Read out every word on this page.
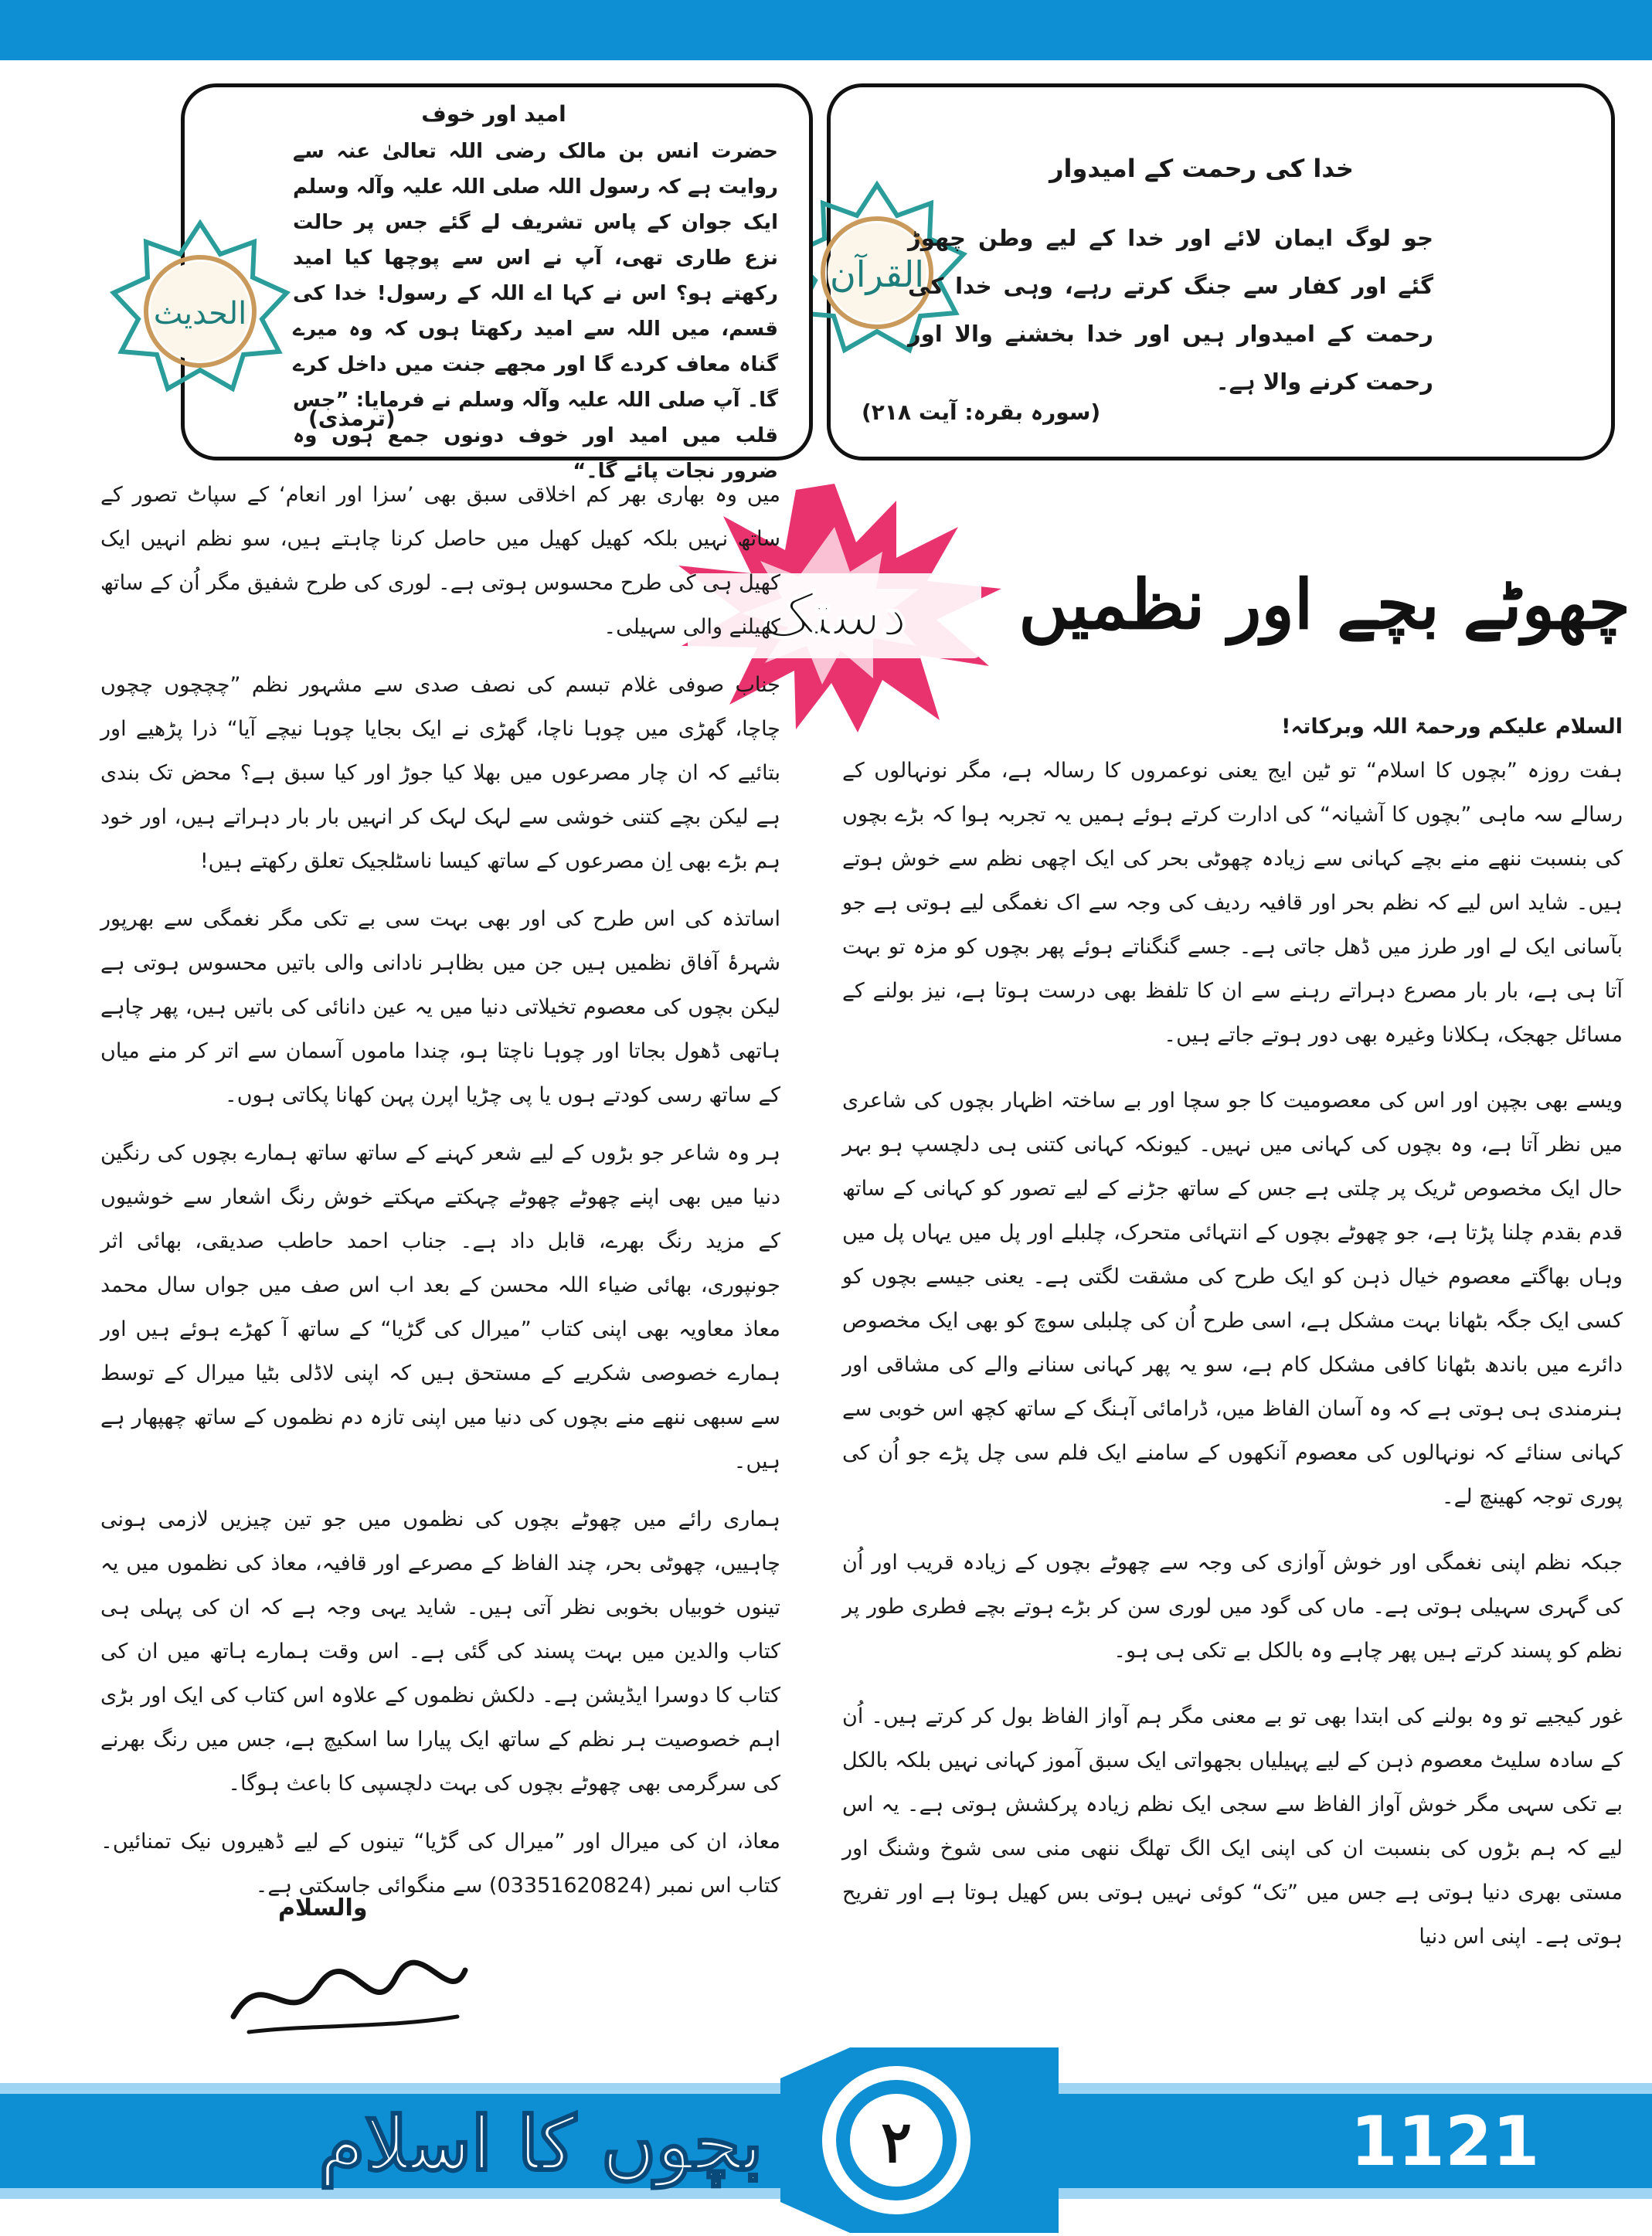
القرآن
خدا کی رحمت کے امیدوار

جو لوگ ایمان لائے اور خدا کے لیے وطن چھوڑ گئے اور کفار سے جنگ کرتے رہے، وہی خدا کی رحمت کے امیدوار ہیں اور خدا بخشنے والا اور رحمت کرنے والا ہے۔

(سورہ بقرہ: آیت ۲۱۸)
الحدیث
امید اور خوف

حضرت انس بن مالک رضی اللہ تعالیٰ عنہ سے روایت ہے کہ رسول اللہ صلی اللہ علیہ وآلہ وسلم ایک جوان کے پاس تشریف لے گئے جس پر حالت نزع طاری تھی، آپ نے اس سے پوچھا کیا امید رکھتے ہو؟ اس نے کہا اے اللہ کے رسول! خدا کی قسم، میں اللہ سے امید رکھتا ہوں کہ وہ میرے گناہ معاف کردے گا اور مجھے جنت میں داخل کرے گا۔ آپ صلی اللہ علیہ وآلہ وسلم نے فرمایا: ”جس قلب میں امید اور خوف دونوں جمع ہوں وہ ضرور نجات پائے گا۔“

(ترمذی)
چھوٹے بچے اور نظمیں
دستک

السلام علیکم ورحمۃ اللہ وبرکاتہ!

ہفت روزہ ”بچوں کا اسلام“ تو ٹین ایج یعنی نوعمروں کا رسالہ ہے، مگر نونہالوں کے رسالے سہ ماہی ”بچوں کا آشیانہ“ کی ادارت کرتے ہوئے ہمیں یہ تجربہ ہوا کہ بڑے بچوں کی بنسبت ننھے منے بچے کہانی سے زیادہ چھوٹی بحر کی ایک اچھی نظم سے خوش ہوتے ہیں۔ شاید اس لیے کہ نظم بحر اور قافیہ ردیف کی وجہ سے اک نغمگی لیے ہوتی ہے جو بآسانی ایک لے اور طرز میں ڈھل جاتی ہے۔ جسے گنگناتے ہوئے پھر بچوں کو مزہ تو بہت آتا ہی ہے، بار بار مصرع دہراتے رہنے سے ان کا تلفظ بھی درست ہوتا ہے، نیز بولنے کے مسائل جھجک، ہکلانا وغیرہ بھی دور ہوتے جاتے ہیں۔

ویسے بھی بچپن اور اس کی معصومیت کا جو سچا اور بے ساختہ اظہار بچوں کی شاعری میں نظر آتا ہے، وہ بچوں کی کہانی میں نہیں۔ کیونکہ کہانی کتنی ہی دلچسپ ہو بہر حال ایک مخصوص ٹریک پر چلتی ہے جس کے ساتھ جڑنے کے لیے تصور کو کہانی کے ساتھ قدم بقدم چلنا پڑتا ہے، جو چھوٹے بچوں کے انتہائی متحرک، چلبلے اور پل میں یہاں پل میں وہاں بھاگتے معصوم خیال ذہن کو ایک طرح کی مشقت لگتی ہے۔ یعنی جیسے بچوں کو کسی ایک جگہ بٹھانا بہت مشکل ہے، اسی طرح اُن کی چلبلی سوچ کو بھی ایک مخصوص دائرے میں باندھ بٹھانا کافی مشکل کام ہے، سو یہ پھر کہانی سنانے والے کی مشاقی اور ہنرمندی ہی ہوتی ہے کہ وہ آسان الفاظ میں، ڈرامائی آہنگ کے ساتھ کچھ اس خوبی سے کہانی سنائے کہ نونہالوں کی معصوم آنکھوں کے سامنے ایک فلم سی چل پڑے جو اُن کی پوری توجہ کھینچ لے۔

جبکہ نظم اپنی نغمگی اور خوش آوازی کی وجہ سے چھوٹے بچوں کے زیادہ قریب اور اُن کی گہری سہیلی ہوتی ہے۔ ماں کی گود میں لوری سن کر بڑے ہوتے بچے فطری طور پر نظم کو پسند کرتے ہیں پھر چاہے وہ بالکل بے تکی ہی ہو۔

غور کیجیے تو وہ بولنے کی ابتدا بھی تو بے معنی مگر ہم آواز الفاظ بول کر کرتے ہیں۔ اُن کے سادہ سلیٹ معصوم ذہن کے لیے پہیلیاں بجھواتی ایک سبق آموز کہانی نہیں بلکہ بالکل بے تکی سہی مگر خوش آواز الفاظ سے سجی ایک نظم زیادہ پرکشش ہوتی ہے۔ یہ اس لیے کہ ہم بڑوں کی بنسبت ان کی اپنی ایک الگ تھلگ ننھی منی سی شوخ وشنگ اور مستی بھری دنیا ہوتی ہے جس میں ”تک“ کوئی نہیں ہوتی بس کھیل ہوتا ہے اور تفریح ہوتی ہے۔ اپنی اس دنیا

میں وہ بھاری بھر کم اخلاقی سبق بھی ’سزا اور انعام‘ کے سپاٹ تصور کے ساتھ نہیں بلکہ کھیل کھیل میں حاصل کرنا چاہتے ہیں، سو نظم انہیں ایک کھیل ہی کی طرح محسوس ہوتی ہے۔ لوری کی طرح شفیق مگر اُن کے ساتھ کھیلنے والی سہیلی۔

جناب صوفی غلام تبسم کی نصف صدی سے مشہور نظم ”چچچوں چچوں چاچا، گھڑی میں چوہا ناچا، گھڑی نے ایک بجایا چوہا نیچے آیا“ ذرا پڑھیے اور بتائیے کہ ان چار مصرعوں میں بھلا کیا جوڑ اور کیا سبق ہے؟ محض تک بندی ہے لیکن بچے کتنی خوشی سے لہک لہک کر انہیں بار بار دہراتے ہیں، اور خود ہم بڑے بھی اِن مصرعوں کے ساتھ کیسا ناسٹلجیک تعلق رکھتے ہیں!

اساتذہ کی اس طرح کی اور بھی بہت سی بے تکی مگر نغمگی سے بھرپور شہرۂ آفاق نظمیں ہیں جن میں بظاہر نادانی والی باتیں محسوس ہوتی ہے لیکن بچوں کی معصوم تخیلاتی دنیا میں یہ عین دانائی کی باتیں ہیں، پھر چاہے ہاتھی ڈھول بجاتا اور چوہا ناچتا ہو، چندا ماموں آسمان سے اتر کر منے میاں کے ساتھ رسی کودتے ہوں یا پی چڑیا اپرن پہن کھانا پکاتی ہوں۔

ہر وہ شاعر جو بڑوں کے لیے شعر کہنے کے ساتھ ساتھ ہمارے بچوں کی رنگین دنیا میں بھی اپنے چھوٹے چھوٹے چہکتے مہکتے خوش رنگ اشعار سے خوشیوں کے مزید رنگ بھرے، قابل داد ہے۔ جناب احمد حاطب صدیقی، بھائی اثر جونپوری، بھائی ضیاء اللہ محسن کے بعد اب اس صف میں جواں سال محمد معاذ معاویہ بھی اپنی کتاب ”میرال کی گڑیا“ کے ساتھ آ کھڑے ہوئے ہیں اور ہمارے خصوصی شکریے کے مستحق ہیں کہ اپنی لاڈلی بٹیا میرال کے توسط سے سبھی ننھے منے بچوں کی دنیا میں اپنی تازہ دم نظموں کے ساتھ چھپھار ہے ہیں۔

ہماری رائے میں چھوٹے بچوں کی نظموں میں جو تین چیزیں لازمی ہونی چاہییں، چھوٹی بحر، چند الفاظ کے مصرعے اور قافیہ، معاذ کی نظموں میں یہ تینوں خوبیاں بخوبی نظر آتی ہیں۔ شاید یہی وجہ ہے کہ ان کی پہلی ہی کتاب والدین میں بہت پسند کی گئی ہے۔ اس وقت ہمارے ہاتھ میں ان کی کتاب کا دوسرا ایڈیشن ہے۔ دلکش نظموں کے علاوہ اس کتاب کی ایک اور بڑی اہم خصوصیت ہر نظم کے ساتھ ایک پیارا سا اسکیچ ہے، جس میں رنگ بھرنے کی سرگرمی بھی چھوٹے بچوں کی بہت دلچسپی کا باعث ہوگا۔

معاذ، ان کی میرال اور ”میرال کی گڑیا“ تینوں کے لیے ڈھیروں نیک تمنائیں۔ کتاب اس نمبر (03351620824) سے منگوائی جاسکتی ہے۔

والسلام
۲
بچوں کا اسلام	1121
